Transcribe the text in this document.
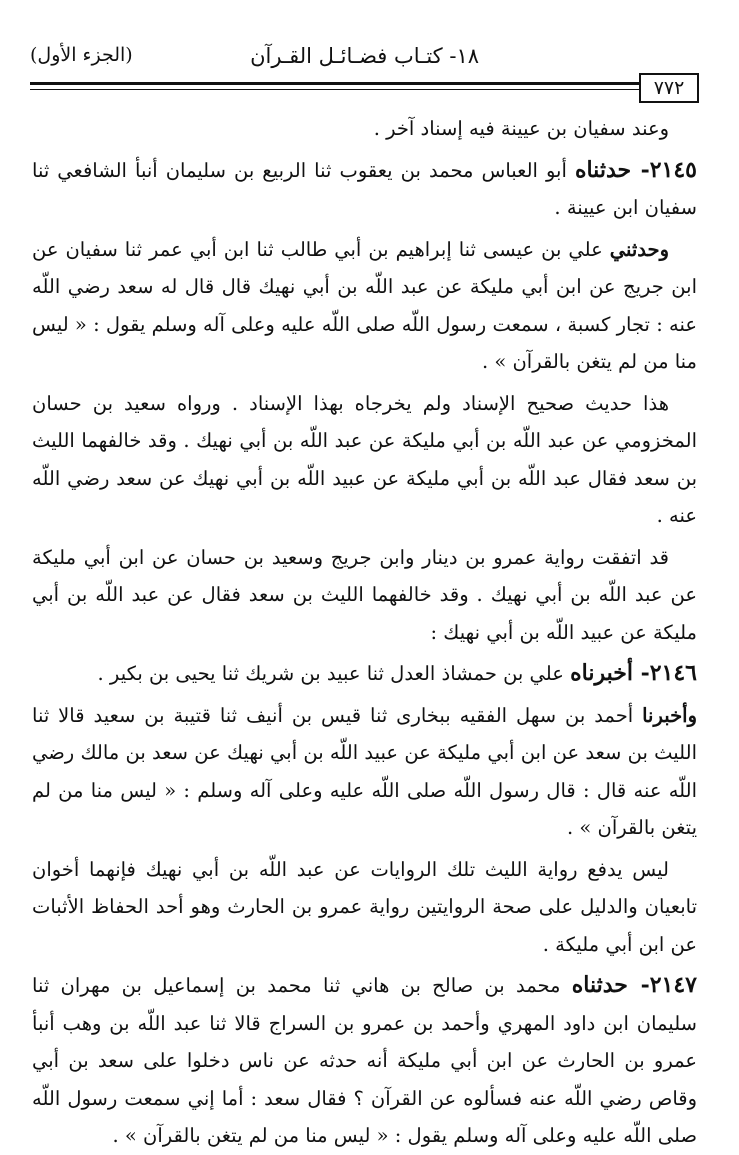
١٨- كتـاب فضـائـل القـرآن
(الجزء الأول)
٧٧٢

وعند سفيان بن عيينة فيه إسناد آخر .

٢١٤٥- حدثناه أبو العباس محمد بن يعقوب ثنا الربيع بن سليمان أنبأ الشافعي ثنا سفيان ابن عيينة .

وحدثني علي بن عيسى ثنا إبراهيم بن أبي طالب ثنا ابن أبي عمر ثنا سفيان عن ابن جريج عن ابن أبي مليكة عن عبد اللّه بن أبي نهيك قال قال له سعد رضي اللّه عنه : تجار كسبة ، سمعت رسول اللّه صلى اللّه عليه وعلى آله وسلم يقول : « ليس منا من لم يتغن بالقرآن » .

هذا حديث صحيح الإسناد ولم يخرجاه بهذا الإسناد . ورواه سعيد بن حسان المخزومي عن عبد اللّه بن أبي مليكة عن عبد اللّه بن أبي نهيك . وقد خالفهما الليث بن سعد فقال عبد اللّه بن أبي مليكة عن عبيد اللّه بن أبي نهيك عن سعد رضي اللّه عنه .

قد اتفقت رواية عمرو بن دينار وابن جريج وسعيد بن حسان عن ابن أبي مليكة عن عبد اللّه بن أبي نهيك . وقد خالفهما الليث بن سعد فقال عن عبد اللّه بن أبي مليكة عن عبيد اللّه بن أبي نهيك :

٢١٤٦- أخبرناه علي بن حمشاذ العدل ثنا عبيد بن شريك ثنا يحيى بن بكير .

وأخبرنا أحمد بن سهل الفقيه ببخارى ثنا قيس بن أنيف ثنا قتيبة بن سعيد قالا ثنا الليث بن سعد عن ابن أبي مليكة عن عبيد اللّه بن أبي نهيك عن سعد بن مالك رضي اللّه عنه قال : قال رسول اللّه صلى اللّه عليه وعلى آله وسلم : « ليس منا من لم يتغن بالقرآن » .

ليس يدفع رواية الليث تلك الروايات عن عبد اللّه بن أبي نهيك فإنهما أخوان تابعيان والدليل على صحة الروايتين رواية عمرو بن الحارث وهو أحد الحفاظ الأثبات عن ابن أبي مليكة .

٢١٤٧- حدثناه محمد بن صالح بن هاني ثنا محمد بن إسماعيل بن مهران ثنا سليمان ابن داود المهري وأحمد بن عمرو بن السراج قالا ثنا عبد اللّه بن وهب أنبأ عمرو بن الحارث عن ابن أبي مليكة أنه حدثه عن ناس دخلوا على سعد بن أبي وقاص رضي اللّه عنه فسألوه عن القرآن ؟ فقال سعد : أما إني سمعت رسول اللّه صلى اللّه عليه وعلى آله وسلم يقول : « ليس منا من لم يتغن بالقرآن » .
